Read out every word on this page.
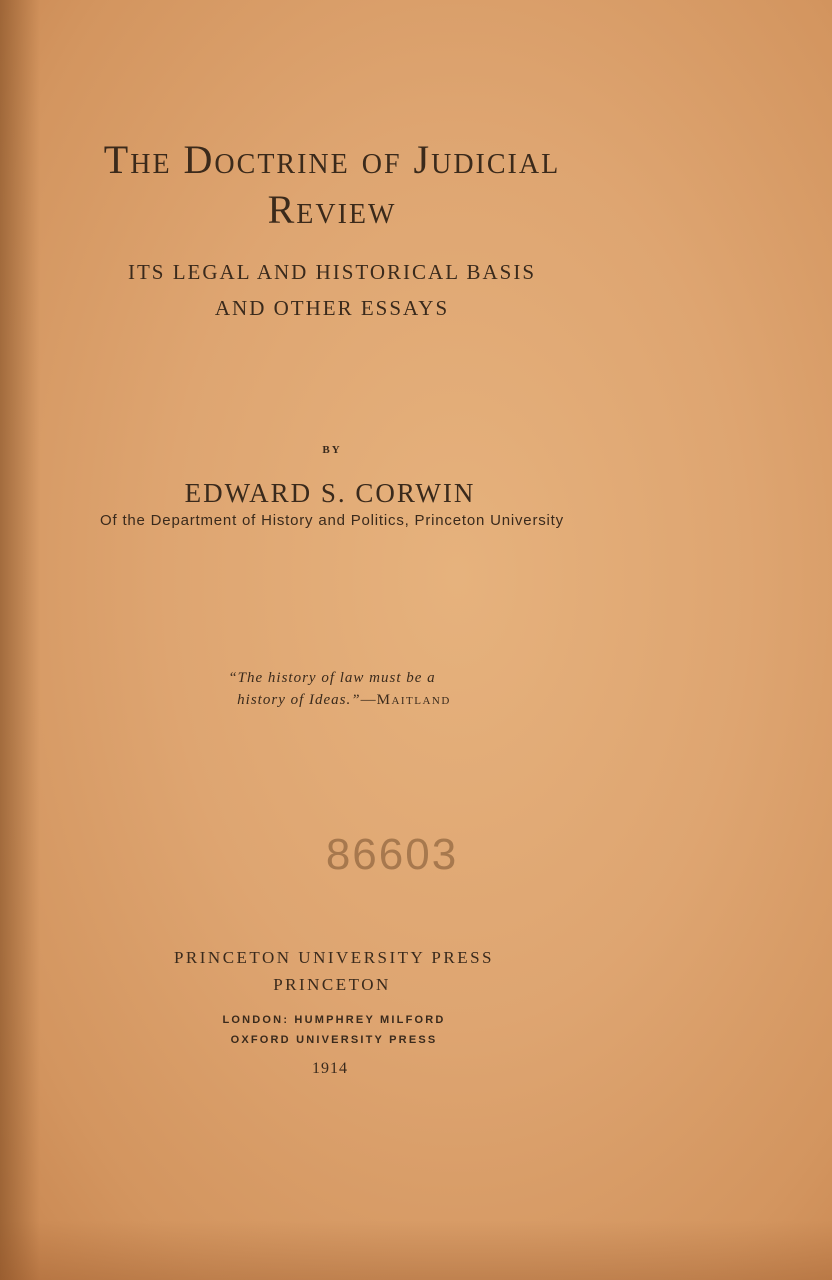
The Doctrine of Judicial
Review
ITS LEGAL AND HISTORICAL BASIS
AND OTHER ESSAYS
BY
EDWARD S. CORWIN
Of the Department of History and Politics, Princeton University
“The history of law must be a
history of Ideas.”—Maitland
86603
PRINCETON UNIVERSITY PRESS
PRINCETON
LONDON: HUMPHREY MILFORD
OXFORD UNIVERSITY PRESS
1914
